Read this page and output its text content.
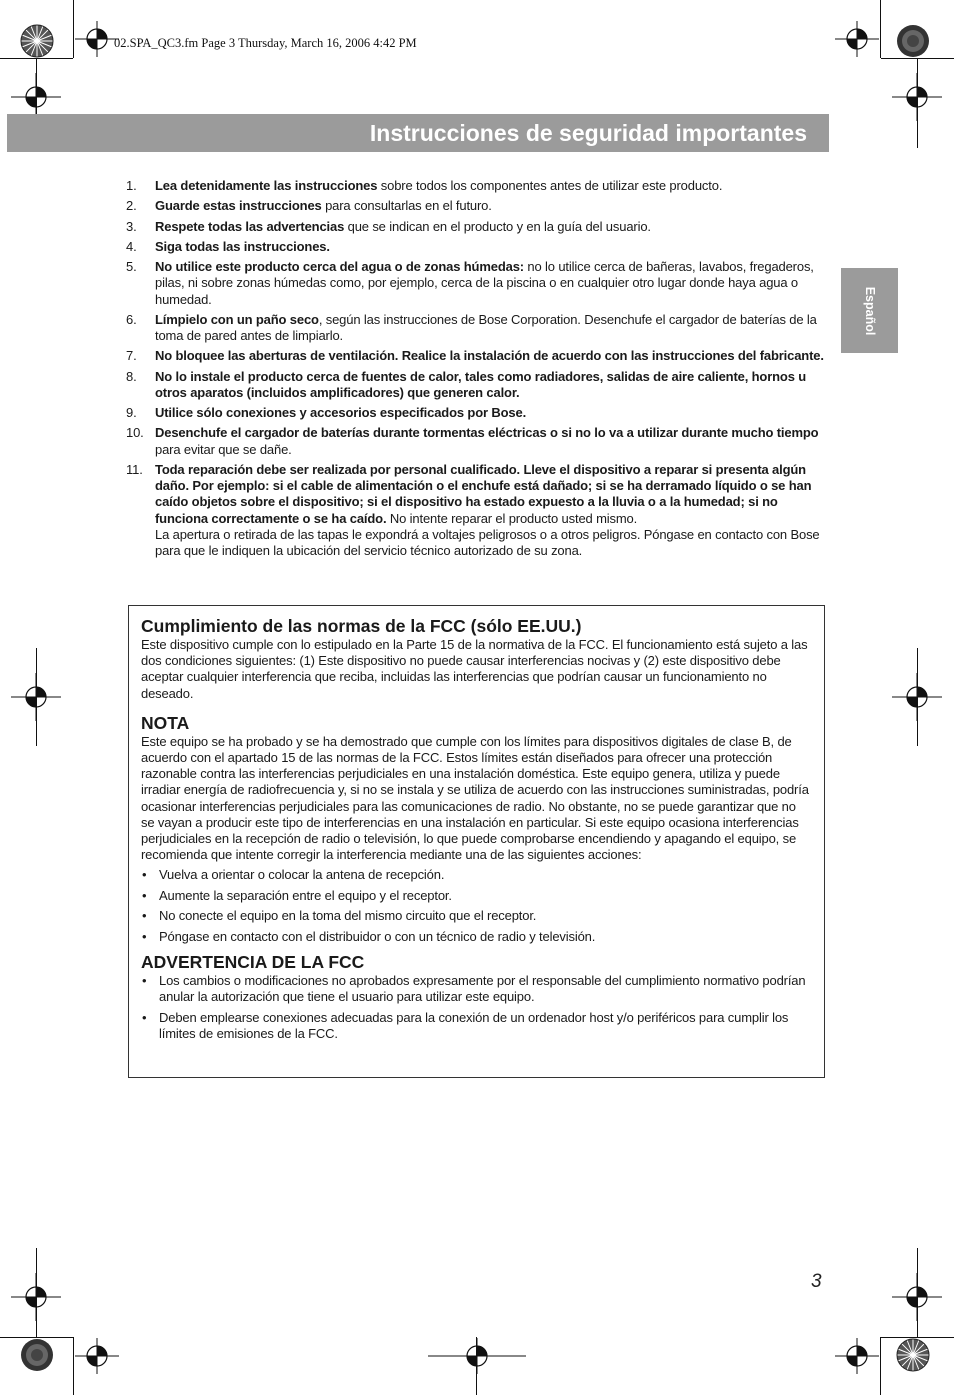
02.SPA_QC3.fm Page 3 Thursday, March 16, 2006 4:42 PM
Instrucciones de seguridad importantes
Español
1. Lea detenidamente las instrucciones sobre todos los componentes antes de utilizar este producto.
2. Guarde estas instrucciones para consultarlas en el futuro.
3. Respete todas las advertencias que se indican en el producto y en la guía del usuario.
4. Siga todas las instrucciones.
5. No utilice este producto cerca del agua o de zonas húmedas: no lo utilice cerca de bañeras, lavabos, fregaderos, pilas, ni sobre zonas húmedas como, por ejemplo, cerca de la piscina o en cualquier otro lugar donde haya agua o humedad.
6. Límpielo con un paño seco, según las instrucciones de Bose Corporation. Desenchufe el cargador de baterías de la toma de pared antes de limpiarlo.
7. No bloquee las aberturas de ventilación. Realice la instalación de acuerdo con las instrucciones del fabricante.
8. No lo instale el producto cerca de fuentes de calor, tales como radiadores, salidas de aire caliente, hornos u otros aparatos (incluidos amplificadores) que generen calor.
9. Utilice sólo conexiones y accesorios especificados por Bose.
10. Desenchufe el cargador de baterías durante tormentas eléctricas o si no lo va a utilizar durante mucho tiempo para evitar que se dañe.
11. Toda reparación debe ser realizada por personal cualificado. Lleve el dispositivo a reparar si presenta algún daño. Por ejemplo: si el cable de alimentación o el enchufe está dañado; si se ha derramado líquido o se han caído objetos sobre el dispositivo; si el dispositivo ha estado expuesto a la lluvia o a la humedad; si no funciona correctamente o se ha caído. No intente reparar el producto usted mismo.
La apertura o retirada de las tapas le expondrá a voltajes peligrosos o a otros peligros. Póngase en contacto con Bose para que le indiquen la ubicación del servicio técnico autorizado de su zona.
Cumplimiento de las normas de la FCC (sólo EE.UU.)

Este dispositivo cumple con lo estipulado en la Parte 15 de la normativa de la FCC. El funcionamiento está sujeto a las dos condiciones siguientes: (1) Este dispositivo no puede causar interferencias nocivas y (2) este dispositivo debe aceptar cualquier interferencia que reciba, incluidas las interferencias que podrían causar un funcionamiento no deseado.

NOTA

Este equipo se ha probado y se ha demostrado que cumple con los límites para dispositivos digitales de clase B, de acuerdo con el apartado 15 de las normas de la FCC. Estos límites están diseñados para ofrecer una protección razonable contra las interferencias perjudiciales en una instalación doméstica. Este equipo genera, utiliza y puede irradiar energía de radiofrecuencia y, si no se instala y se utiliza de acuerdo con las instrucciones suministradas, podría ocasionar interferencias perjudiciales para las comunicaciones de radio. No obstante, no se puede garantizar que no se vayan a producir este tipo de interferencias en una instalación en particular. Si este equipo ocasiona interferencias perjudiciales en la recepción de radio o televisión, lo que puede comprobarse encendiendo y apagando el equipo, se recomienda que intente corregir la interferencia mediante una de las siguientes acciones:

• Vuelva a orientar o colocar la antena de recepción.
• Aumente la separación entre el equipo y el receptor.
• No conecte el equipo en la toma del mismo circuito que el receptor.
• Póngase en contacto con el distribuidor o con un técnico de radio y televisión.
ADVERTENCIA DE LA FCC
• Los cambios o modificaciones no aprobados expresamente por el responsable del cumplimiento normativo podrían anular la autorización que tiene el usuario para utilizar este equipo.
• Deben emplearse conexiones adecuadas para la conexión de un ordenador host y/o periféricos para cumplir los límites de emisiones de la FCC.
3
